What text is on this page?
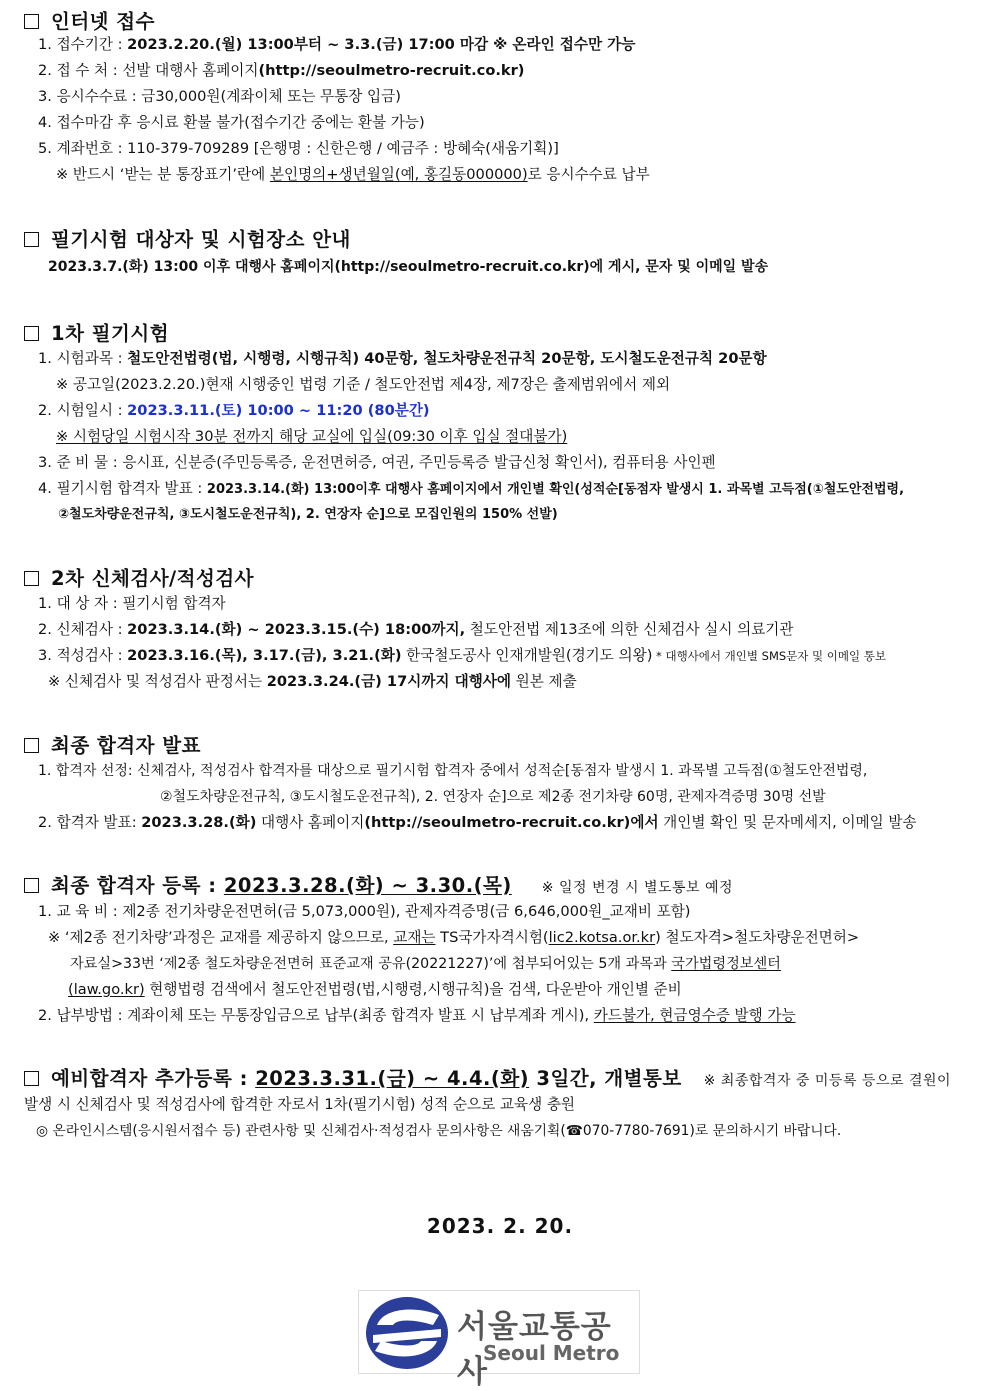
인터넷 접수
1. 접수기간 : 2023.2.20.(월) 13:00부터 ~ 3.3.(금) 17:00 마감 ※ 온라인 접수만 가능
2. 접 수 처 : 선발 대행사 홈페이지(http://seoulmetro-recruit.co.kr)
3. 응시수수료 : 금30,000원(계좌이체 또는 무통장 입금)
4. 접수마감 후 응시료 환불 불가(접수기간 중에는 환불 가능)
5. 계좌번호 : 110-379-709289 [은행명 : 신한은행 / 예금주 : 방혜숙(새움기획)]
※ 반드시 ‘받는 분 통장표기’란에 본인명의+생년월일(예, 홍길동000000)로 응시수수료 납부
필기시험 대상자 및 시험장소 안내
2023.3.7.(화) 13:00 이후 대행사 홈페이지(http://seoulmetro-recruit.co.kr)에 게시, 문자 및 이메일 발송
1차 필기시험
1. 시험과목 : 철도안전법령(법, 시행령, 시행규칙) 40문항, 철도차량운전규칙 20문항, 도시철도운전규칙 20문항
※ 공고일(2023.2.20.)현재 시행중인 법령 기준 / 철도안전법 제4장, 제7장은 출제범위에서 제외
2. 시험일시 : 2023.3.11.(토) 10:00 ~ 11:20 (80분간)
※ 시험당일 시험시작 30분 전까지 해당 교실에 입실(09:30 이후 입실 절대불가)
3. 준 비 물 : 응시표, 신분증(주민등록증, 운전면허증, 여권, 주민등록증 발급신청 확인서), 컴퓨터용 사인펜
4. 필기시험 합격자 발표 : 2023.3.14.(화) 13:00이후 대행사 홈페이지에서 개인별 확인(성적순[동점자 발생시 1. 과목별 고득점(①철도안전법령,
②철도차량운전규칙, ③도시철도운전규칙), 2. 연장자 순]으로 모집인원의 150% 선발)
2차 신체검사/적성검사
1. 대 상 자 : 필기시험 합격자
2. 신체검사 : 2023.3.14.(화) ~ 2023.3.15.(수) 18:00까지, 철도안전법 제13조에 의한 신체검사 실시 의료기관
3. 적성검사 : 2023.3.16.(목), 3.17.(금), 3.21.(화) 한국철도공사 인재개발원(경기도 의왕) * 대행사에서 개인별 SMS문자 및 이메일 통보
※ 신체검사 및 적성검사 판정서는 2023.3.24.(금) 17시까지 대행사에 원본 제출
최종 합격자 발표
1. 합격자 선정: 신체검사, 적성검사 합격자를 대상으로 필기시험 합격자 중에서 성적순[동점자 발생시 1. 과목별 고득점(①철도안전법령,
②철도차량운전규칙, ③도시철도운전규칙), 2. 연장자 순]으로 제2종 전기차량 60명, 관제자격증명 30명 선발
2. 합격자 발표: 2023.3.28.(화) 대행사 홈페이지(http://seoulmetro-recruit.co.kr)에서 개인별 확인 및 문자메세지, 이메일 발송
최종 합격자 등록 : 2023.3.28.(화) ~ 3.30.(목) ※ 일정 변경 시 별도통보 예정
1. 교 육 비 : 제2종 전기차량운전면허(금 5,073,000원), 관제자격증명(금 6,646,000원_교재비 포함)
※ ‘제2종 전기차량’과정은 교재를 제공하지 않으므로, 교재는 TS국가자격시험(lic2.kotsa.or.kr) 철도자격>철도차량운전면허>
자료실>33번 ‘제2종 철도차량운전면허 표준교재 공유(20221227)’에 첨부되어있는 5개 과목과 국가법령정보센터
(law.go.kr) 현행법령 검색에서 철도안전법령(법,시행령,시행규칙)을 검색, 다운받아 개인별 준비
2. 납부방법 : 계좌이체 또는 무통장입금으로 납부(최종 합격자 발표 시 납부계좌 게시), 카드불가, 현금영수증 발행 가능
예비합격자 추가등록 : 2023.3.31.(금) ~ 4.4.(화) 3일간, 개별통보 ※ 최종합격자 중 미등록 등으로 결원이
발생 시 신체검사 및 적성검사에 합격한 자로서 1차(필기시험) 성적 순으로 교육생 충원
◎ 온라인시스템(응시원서접수 등) 관련사항 및 신체검사·적성검사 문의사항은 새움기획(☎070-7780-7691)로 문의하시기 바랍니다.
2023. 2. 20.
서울교통공사
Seoul Metro
